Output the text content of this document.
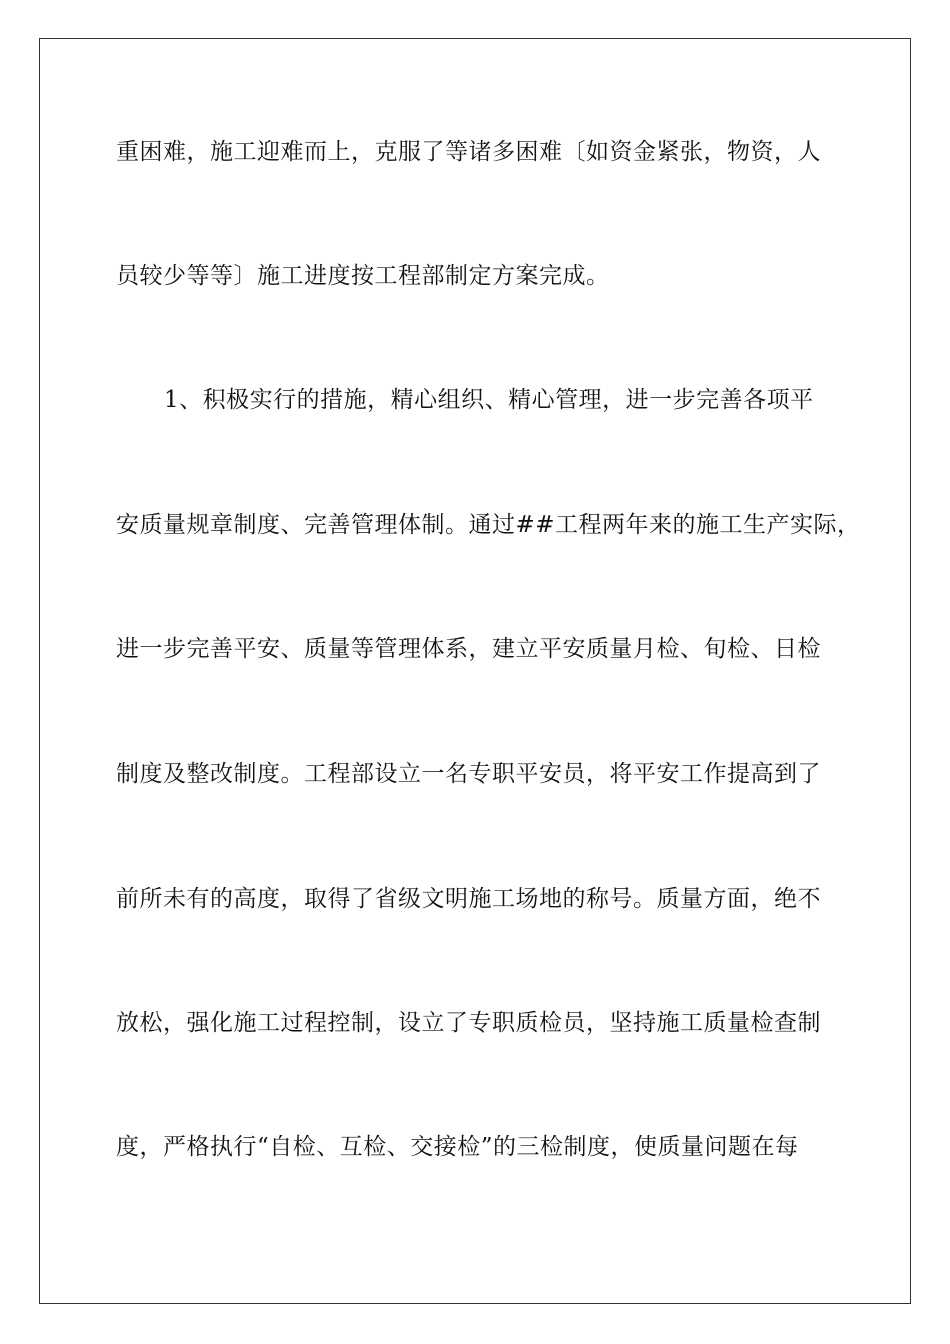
重困难，施工迎难而上，克服了等诸多困难〔如资金紧张，物资，人
员较少等等〕施工进度按工程部制定方案完成。
1、积极实行的措施，精心组织、精心管理，进一步完善各项平
安质量规章制度、完善管理体制。通过##工程两年来的施工生产实际，
进一步完善平安、质量等管理体系，建立平安质量月检、旬检、日检
制度及整改制度。工程部设立一名专职平安员，将平安工作提高到了
前所未有的高度，取得了省级文明施工场地的称号。质量方面，绝不
放松，强化施工过程控制，设立了专职质检员，坚持施工质量检查制
度，严格执行“自检、互检、交接检”的三检制度，使质量问题在每
